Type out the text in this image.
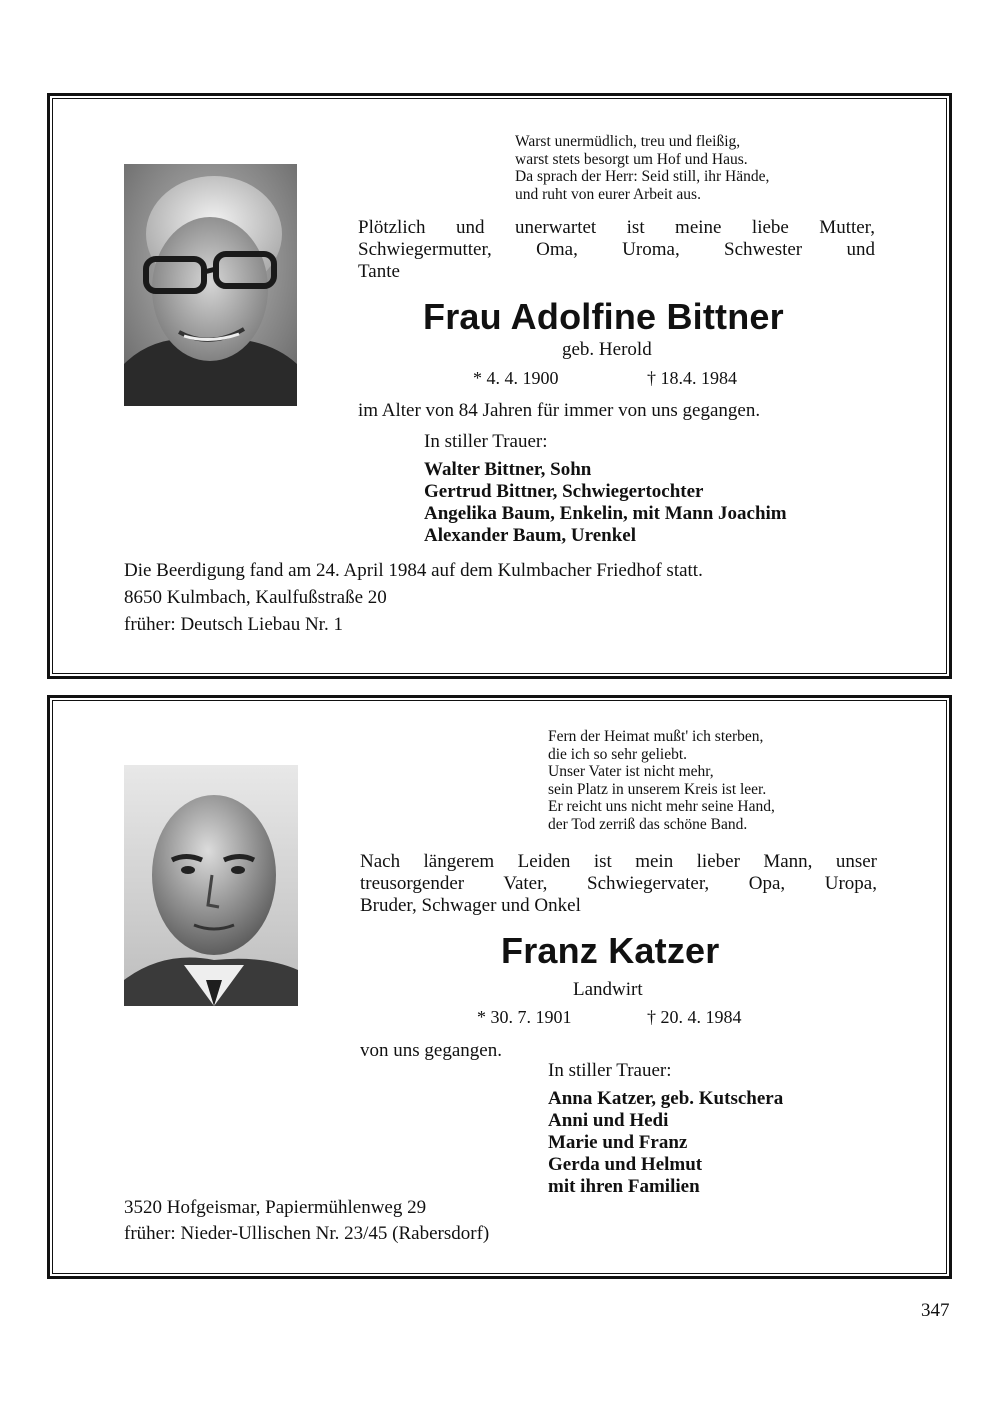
Warst unermüdlich, treu und fleißig,
warst stets besorgt um Hof und Haus.
Da sprach der Herr: Seid still, ihr Hände,
und ruht von eurer Arbeit aus.
Plötzlich und unerwartet ist meine liebe Mutter,
Schwiegermutter, Oma, Uroma, Schwester und
Tante
Frau Adolfine Bittner
geb. Herold
* 4. 4. 1900	† 18.4. 1984
im Alter von 84 Jahren für immer von uns gegangen.
In stiller Trauer:
Walter Bittner, Sohn
Gertrud Bittner, Schwiegertochter
Angelika Baum, Enkelin, mit Mann Joachim
Alexander Baum, Urenkel
Die Beerdigung fand am 24. April 1984 auf dem Kulmbacher Friedhof statt.
8650 Kulmbach, Kaulfußstraße 20
früher: Deutsch Liebau Nr. 1
Fern der Heimat mußt' ich sterben,
die ich so sehr geliebt.
Unser Vater ist nicht mehr,
sein Platz in unserem Kreis ist leer.
Er reicht uns nicht mehr seine Hand,
der Tod zerriß das schöne Band.
Nach längerem Leiden ist mein lieber Mann, unser
treusorgender Vater, Schwiegervater, Opa, Uropa,
Bruder, Schwager und Onkel
Franz Katzer
Landwirt
* 30. 7. 1901	† 20. 4. 1984
von uns gegangen.
In stiller Trauer:
Anna Katzer, geb. Kutschera
Anni und Hedi
Marie und Franz
Gerda und Helmut
mit ihren Familien
3520 Hofgeismar, Papiermühlenweg 29
früher: Nieder-Ullischen Nr. 23/45 (Rabersdorf)
347
